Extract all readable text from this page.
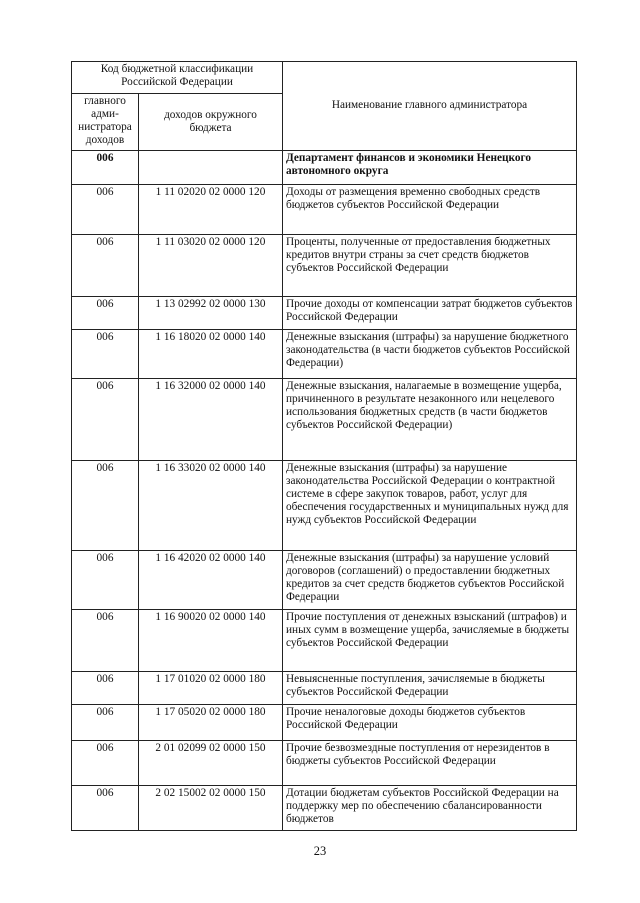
Код бюджетной классификации Российской Федерации		Наименование главного администратора
главного адми-нистратора доходов	доходов окружного бюджета	
006		Департамент финансов и экономики Ненецкого автономного округа
006	1 11 02020 02 0000 120	Доходы от размещения временно свободных средств бюджетов субъектов Российской Федерации
006	1 11 03020 02 0000 120	Проценты, полученные от предоставления бюджетных кредитов внутри страны за счет средств бюджетов субъектов Российской Федерации
006	1 13 02992 02 0000 130	Прочие доходы от компенсации затрат бюджетов субъектов Российской Федерации
006	1 16 18020 02 0000 140	Денежные взыскания (штрафы) за нарушение бюджетного законодательства (в части бюджетов субъектов Российской Федерации)
006	1 16 32000 02 0000 140	Денежные взыскания, налагаемые в возмещение ущерба, причиненного в результате незаконного или нецелевого использования бюджетных средств (в части бюджетов субъектов Российской Федерации)
006	1 16 33020 02 0000 140	Денежные взыскания (штрафы) за нарушение законодательства Российской Федерации о контрактной системе в сфере закупок товаров, работ, услуг для обеспечения государственных и муниципальных нужд для нужд субъектов Российской Федерации
006	1 16 42020 02 0000 140	Денежные взыскания (штрафы) за нарушение условий договоров (соглашений) о предоставлении бюджетных кредитов за счет средств бюджетов субъектов Российской Федерации
006	1 16 90020 02 0000 140	Прочие поступления от денежных взысканий (штрафов) и иных сумм в возмещение ущерба, зачисляемые в бюджеты субъектов Российской Федерации
006	1 17 01020 02 0000 180	Невыясненные поступления, зачисляемые в бюджеты субъектов Российской Федерации
006	1 17 05020 02 0000 180	Прочие неналоговые доходы бюджетов субъектов Российской Федерации
006	2 01 02099 02 0000 150	Прочие безвозмездные поступления от нерезидентов в бюджеты субъектов Российской Федерации
006	2 02 15002 02 0000 150	Дотации бюджетам субъектов Российской Федерации на поддержку мер по обеспечению сбалансированности бюджетов
23
